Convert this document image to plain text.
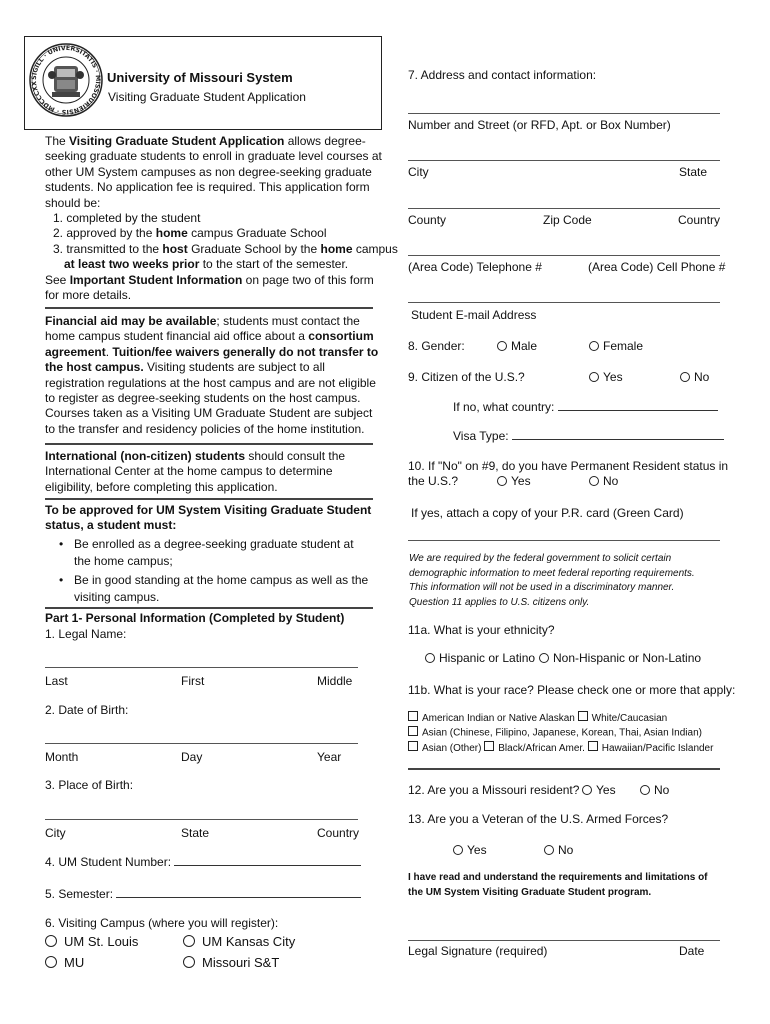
SIGILL · UNIVERSITATIS · MISSOURIENSIS · MDCCCXX	University of Missouri System
Visiting Graduate Student Application
The Visiting Graduate Student Application allows degree-
seeking graduate students to enroll in graduate level courses at
other UM System campuses as non degree-seeking graduate
students. No application fee is required. This application form
should be:
1. completed by the student
2. approved by the home campus Graduate School
3. transmitted to the host Graduate School by the home campus
at least two weeks prior to the start of the semester.
See Important Student Information on page two of this form
for more details.
Financial aid may be available; students must contact the
home campus student financial aid office about a consortium
agreement. Tuition/fee waivers generally do not transfer to
the host campus. Visiting students are subject to all
registration regulations at the host campus and are not eligible
to register as degree-seeking students on the host campus.
Courses taken as a Visiting UM Graduate Student are subject
to the transfer and residency policies of the home institution.
International (non-citizen) students should consult the
International Center at the home campus to determine
eligibility, before completing this application.
To be approved for UM System Visiting Graduate Student
status, a student must:
• Be enrolled as a degree-seeking graduate student at
the home campus;
• Be in good standing at the home campus as well as the
visiting campus.
Part 1- Personal Information (Completed by Student)
1. Legal Name:
Last	First	Middle
2. Date of Birth:
Month	Day	Year
3. Place of Birth:
City	State	Country
4. UM Student Number:
5. Semester:
6. Visiting Campus (where you will register):
UM St. Louis	UM Kansas City
MU	Missouri S&T
7. Address and contact information:
Number and Street (or RFD, Apt. or Box Number)
City	State
County	Zip Code	Country
(Area Code) Telephone #	(Area Code) Cell Phone #
Student E-mail Address
8. Gender:	Male	Female
9. Citizen of the U.S.?	Yes	No
If no, what country:
Visa Type:
10. If "No" on #9, do you have Permanent Resident status in
the U.S.?	Yes	No
If yes, attach a copy of your P.R. card (Green Card)
We are required by the federal government to solicit certain
demographic information to meet federal reporting requirements.
This information will not be used in a discriminatory manner.
Question 11 applies to U.S. citizens only.
11a. What is your ethnicity?
Hispanic or Latino	Non-Hispanic or Non-Latino
11b. What is your race? Please check one or more that apply:
American Indian or Native Alaskan White/Caucasian
Asian (Chinese, Filipino, Japanese, Korean, Thai, Asian Indian)
Asian (Other) Black/African Amer. Hawaiian/Pacific Islander
12. Are you a Missouri resident?	Yes	No
13. Are you a Veteran of the U.S. Armed Forces?
Yes	No
I have read and understand the requirements and limitations of
the UM System Visiting Graduate Student program.
Legal Signature (required)	Date
